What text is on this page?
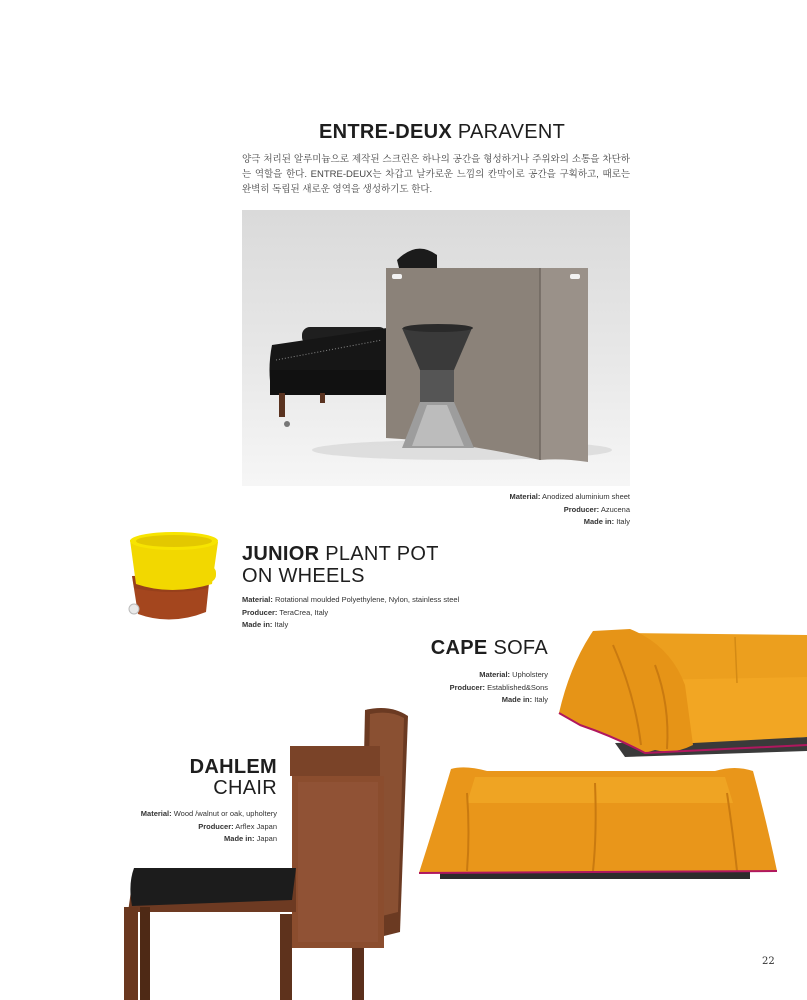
ENTRE-DEUX PARAVENT

양극 처리된 알루미늄으로 제작된 스크린은 하나의 공간을 형성하거나 주위와의 소통을 차단하는 역할을 한다. ENTRE-DEUX는 차갑고 날카로운 느낌의 칸막이로 공간을 구획하고, 때로는 완벽히 독립된 새로운 영역을 생성하기도 한다.

Material: Anodized aluminium sheet
Producer: Azucena
Made in: Italy
JUNIOR PLANT POT
ON WHEELS
Material: Rotational moulded Polyethylene, Nylon, stainless steel
Producer: TeraCrea, Italy
Made in: Italy
CAPE SOFA
Material: Upholstery
Producer: Established&Sons
Made in: Italy
DAHLEM
CHAIR
Material: Wood /walnut or oak, upholtery
Producer: Arflex Japan
Made in: Japan
22
